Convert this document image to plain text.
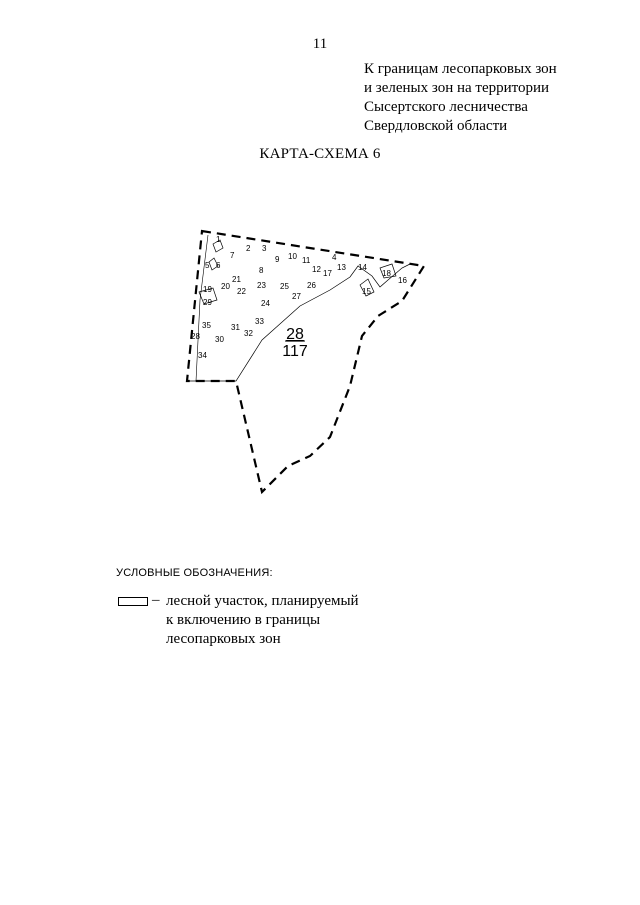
11
К границам лесопарковых зон
и зеленых зон на территории
Сысертского лесничества
Свердловской области
КАРТА-СХЕМА 6
1
2 3
4
5 6
7
8
9 10 11
12 13 14
15
16
17	18
19 20
21
22
23
24
25 26
27
28
29
30
31
32
33
34
35
28
117
УСЛОВНЫЕ ОБОЗНАЧЕНИЯ:
– лесной участок, планируемый
к включению в границы
лесопарковых зон
